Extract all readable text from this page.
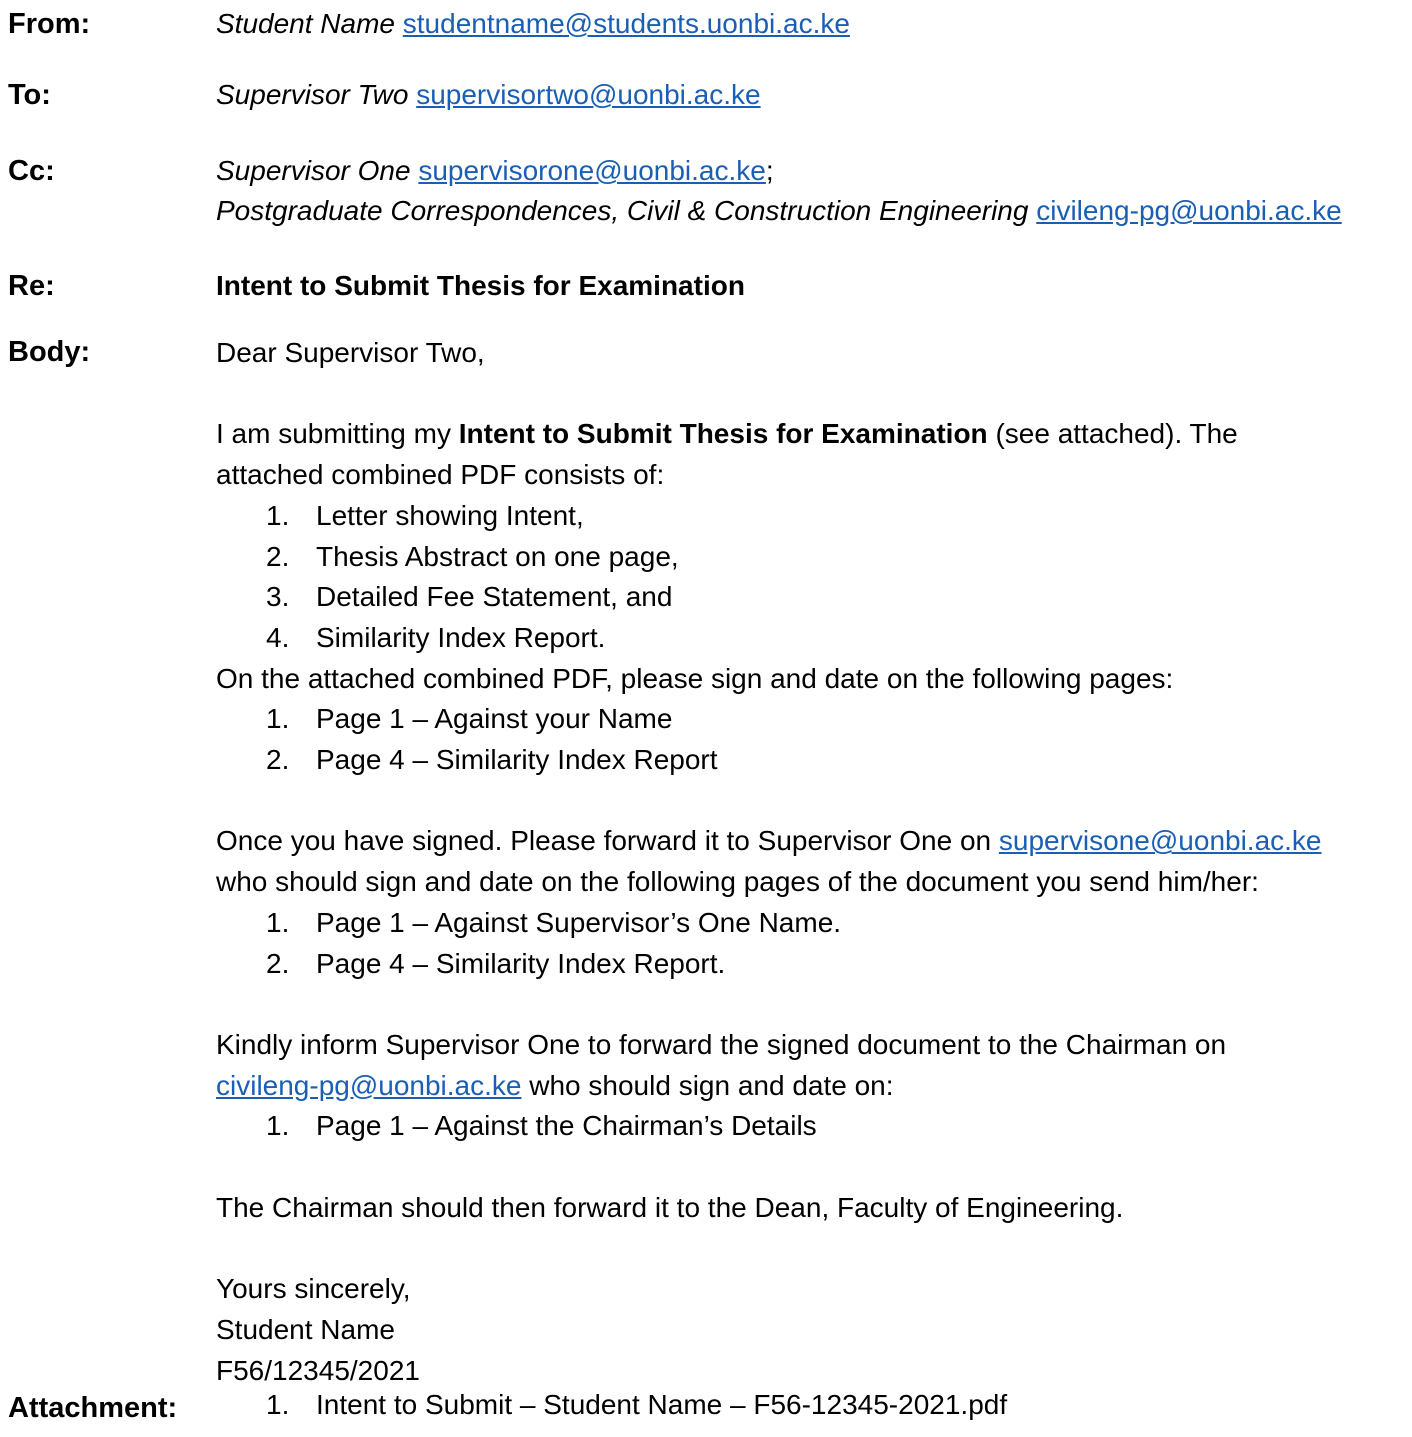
From:	Student Name studentname@students.uonbi.ac.ke
To:	Supervisor Two supervisortwo@uonbi.ac.ke
Cc:	Supervisor One supervisorone@uonbi.ac.ke;
Postgraduate Correspondences, Civil & Construction Engineering civileng-pg@uonbi.ac.ke
Re:	Intent to Submit Thesis for Examination
Body:	Dear Supervisor Two,

I am submitting my Intent to Submit Thesis for Examination (see attached). The

attached combined PDF consists of:

1. Letter showing Intent,
2. Thesis Abstract on one page,
3. Detailed Fee Statement, and
4. Similarity Index Report.

On the attached combined PDF, please sign and date on the following pages:

1. Page 1 – Against your Name
2. Page 4 – Similarity Index Report

Once you have signed. Please forward it to Supervisor One on supervisone@uonbi.ac.ke

who should sign and date on the following pages of the document you send him/her:

1. Page 1 – Against Supervisor’s One Name.
2. Page 4 – Similarity Index Report.

Kindly inform Supervisor One to forward the signed document to the Chairman on

civileng-pg@uonbi.ac.ke who should sign and date on:

1. Page 1 – Against the Chairman’s Details

The Chairman should then forward it to the Dean, Faculty of Engineering.

Yours sincerely,

Student Name

F56/12345/2021

Attachment:	1. Intent to Submit – Student Name – F56-12345-2021.pdf
